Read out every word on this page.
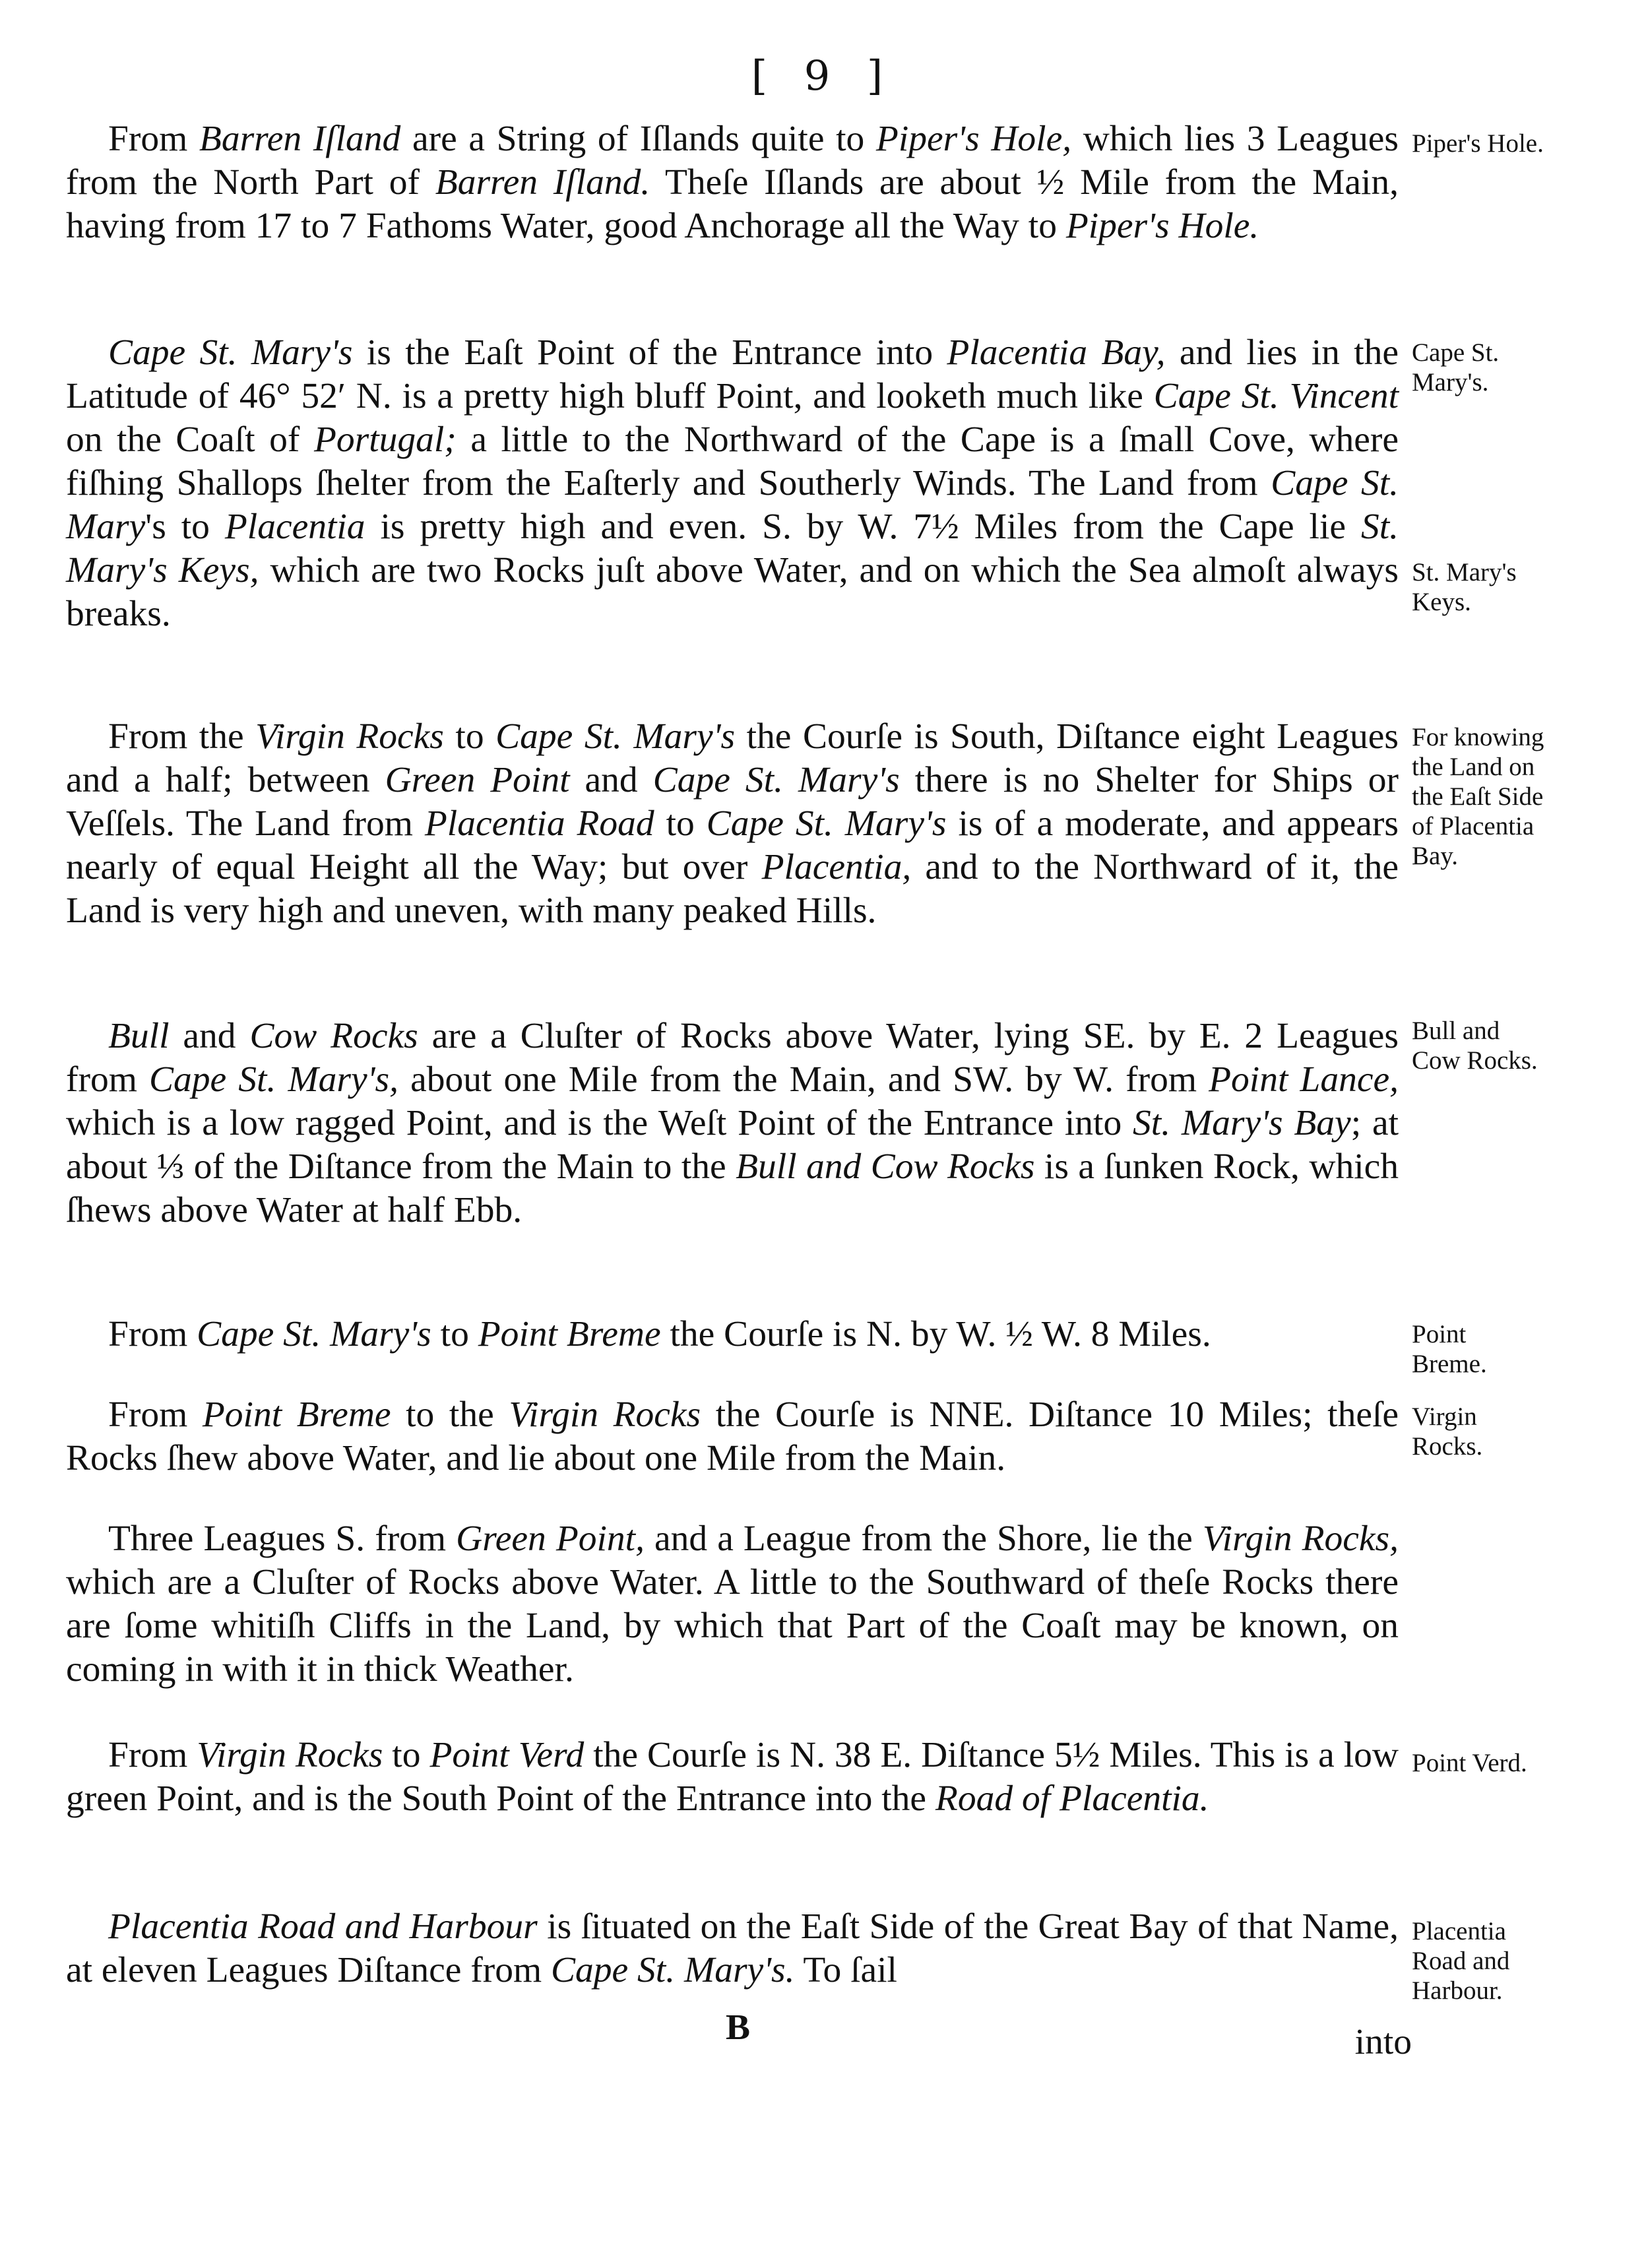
[ 9 ]

From Barren Iſland are a String of Iſlands quite to Piper's Hole, which lies 3 Leagues from the North Part of Barren Iſland. Theſe Iſlands are about ½ Mile from the Main, having from 17 to 7 Fathoms Water, good Anchorage all the Way to Piper's Hole.

Piper's Hole.

Cape St. Mary's is the Eaſt Point of the Entrance into Placentia Bay, and lies in the Latitude of 46° 52′ N. is a pretty high bluff Point, and looketh much like Cape St. Vincent on the Coaſt of Portugal; a little to the Northward of the Cape is a ſmall Cove, where fiſhing Shallops ſhelter from the Eaſterly and Southerly Winds. The Land from Cape St. Mary's to Placentia is pretty high and even. S. by W. 7½ Miles from the Cape lie St. Mary's Keys, which are two Rocks juſt above Water, and on which the Sea almoſt always breaks.

Cape St.
Mary's.
St. Mary's
Keys.

From the Virgin Rocks to Cape St. Mary's the Courſe is South, Diſtance eight Leagues and a half; between Green Point and Cape St. Mary's there is no Shelter for Ships or Veſſels. The Land from Placentia Road to Cape St. Mary's is of a moderate, and appears nearly of equal Height all the Way; but over Placentia, and to the Northward of it, the Land is very high and uneven, with many peaked Hills.

For knowing
the Land on
the Eaſt Side
of Placentia
Bay.

Bull and Cow Rocks are a Cluſter of Rocks above Water, lying SE. by E. 2 Leagues from Cape St. Mary's, about one Mile from the Main, and SW. by W. from Point Lance, which is a low ragged Point, and is the Weſt Point of the Entrance into St. Mary's Bay; at about ⅓ of the Diſtance from the Main to the Bull and Cow Rocks is a ſunken Rock, which ſhews above Water at half Ebb.

Bull and
Cow Rocks.

From Cape St. Mary's to Point Breme the Courſe is N. by W. ½ W. 8 Miles.	Point
Breme.

From Point Breme to the Virgin Rocks the Courſe is NNE. Diſtance 10 Miles; theſe Rocks ſhew above Water, and lie about one Mile from the Main.

Virgin
Rocks.

Three Leagues S. from Green Point, and a League from the Shore, lie the Virgin Rocks, which are a Cluſter of Rocks above Water. A little to the Southward of theſe Rocks there are ſome whitiſh Cliffs in the Land, by which that Part of the Coaſt may be known, on coming in with it in thick Weather.

From Virgin Rocks to Point Verd the Courſe is N. 38 E. Diſtance 5½ Miles. This is a low green Point, and is the South Point of the Entrance into the Road of Placentia.

Point Verd.

Placentia Road and Harbour is ſituated on the Eaſt Side of the Great Bay of that Name, at eleven Leagues Diſtance from Cape St. Mary's. To ſail

Placentia
Road and
Harbour.
B	into
